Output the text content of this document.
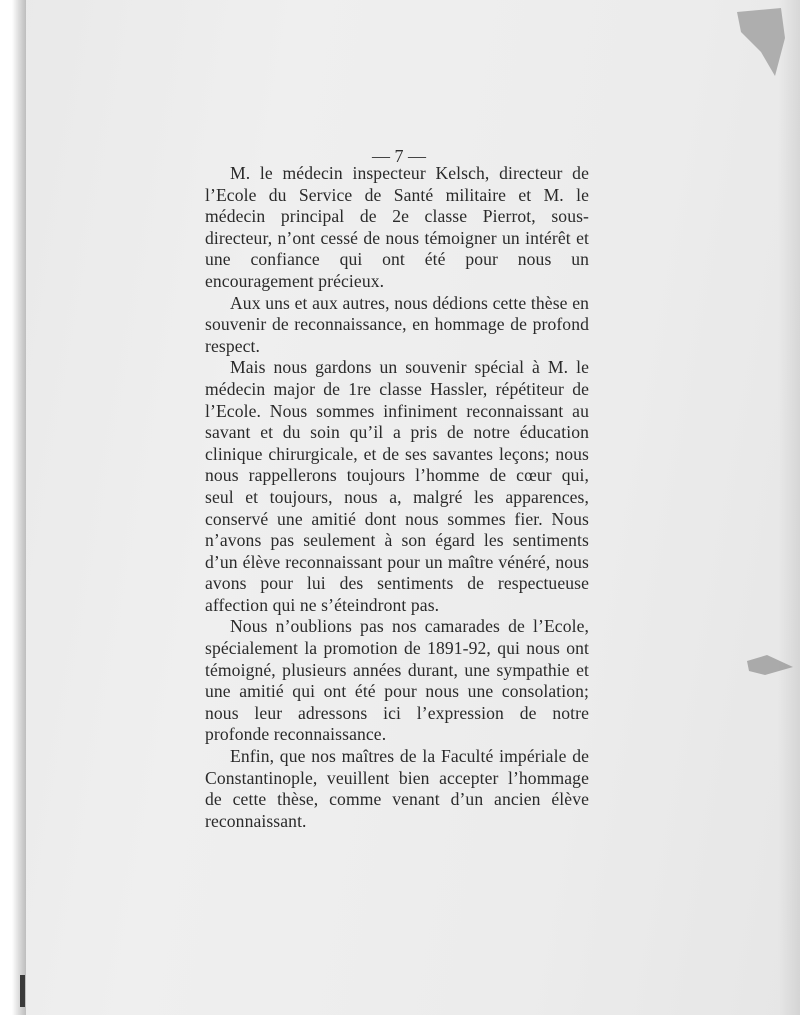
— 7 —

M. le médecin inspecteur Kelsch, directeur de l’Ecole du Service de Santé militaire et M. le médecin principal de 2e classe Pierrot, sous-directeur, n’ont cessé de nous témoigner un intérêt et une confiance qui ont été pour nous un encouragement précieux.

Aux uns et aux autres, nous dédions cette thèse en souvenir de reconnaissance, en hommage de profond respect.

Mais nous gardons un souvenir spécial à M. le médecin major de 1re classe Hassler, répétiteur de l’Ecole. Nous sommes infiniment reconnaissant au savant et du soin qu’il a pris de notre éducation clinique chirurgicale, et de ses savantes leçons; nous nous rappellerons toujours l’homme de cœur qui, seul et toujours, nous a, malgré les apparences, conservé une amitié dont nous sommes fier. Nous n’avons pas seulement à son égard les sentiments d’un élève reconnaissant pour un maître vénéré, nous avons pour lui des sentiments de respectueuse affection qui ne s’éteindront pas.

Nous n’oublions pas nos camarades de l’Ecole, spécialement la promotion de 1891-92, qui nous ont témoigné, plusieurs années durant, une sympathie et une amitié qui ont été pour nous une consolation; nous leur adressons ici l’expression de notre profonde reconnaissance.

Enfin, que nos maîtres de la Faculté impériale de Constantinople, veuillent bien accepter l’hommage de cette thèse, comme venant d’un ancien élève reconnaissant.
